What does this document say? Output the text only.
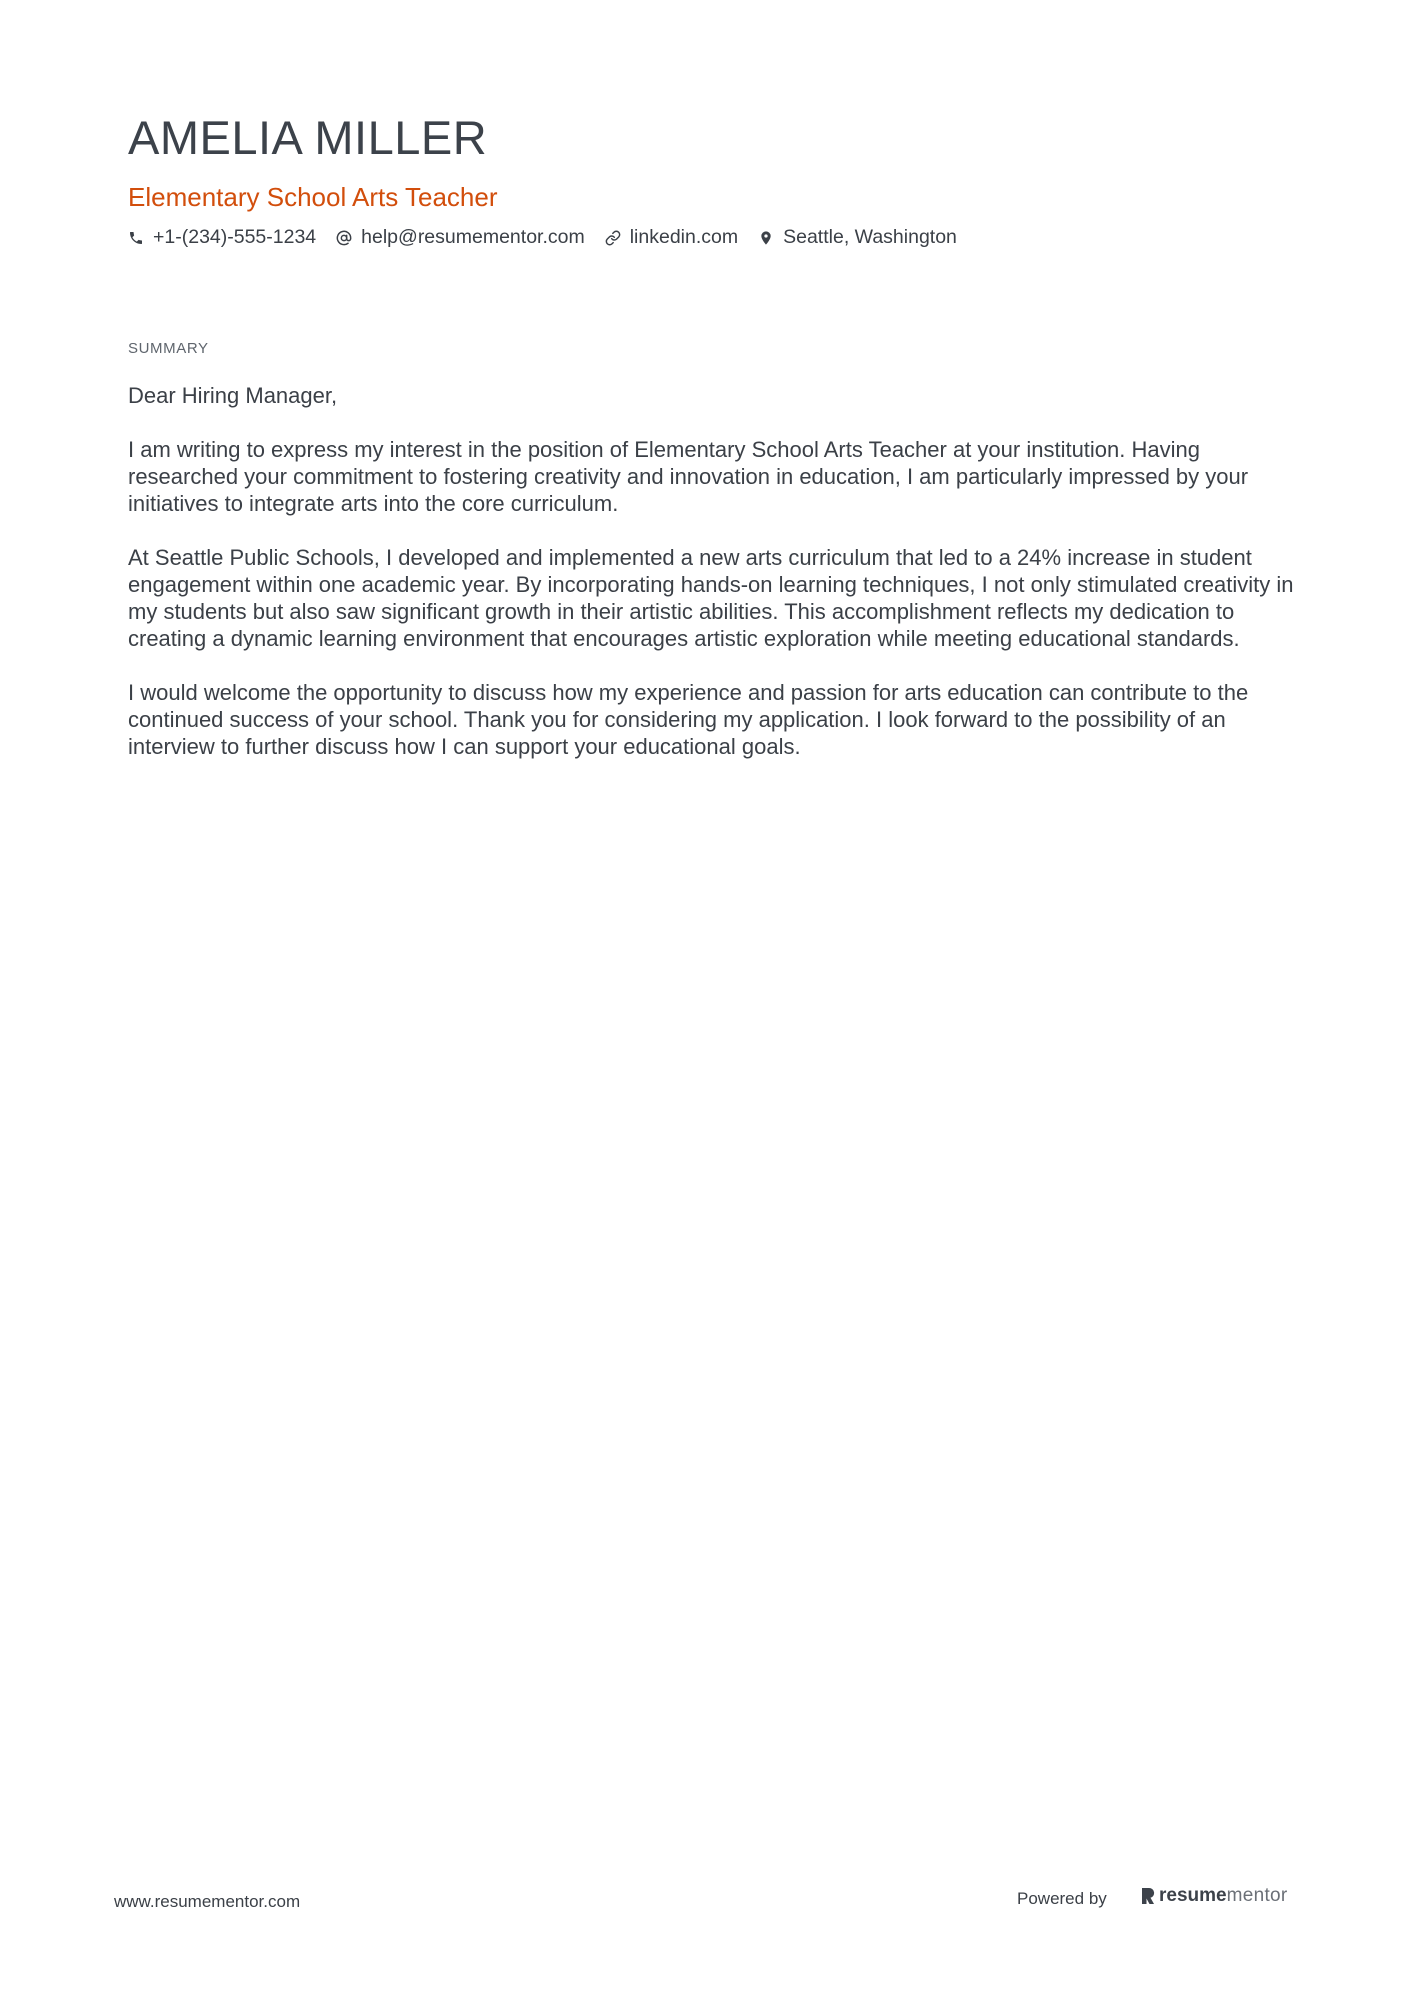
AMELIA MILLER
Elementary School Arts Teacher
+1-(234)-555-1234 help@resumementor.com linkedin.com Seattle, Washington
SUMMARY

Dear Hiring Manager,

I am writing to express my interest in the position of Elementary School Arts Teacher at your institution. Having researched your commitment to fostering creativity and innovation in education, I am particularly impressed by your initiatives to integrate arts into the core curriculum.

At Seattle Public Schools, I developed and implemented a new arts curriculum that led to a 24% increase in student engagement within one academic year. By incorporating hands-on learning techniques, I not only stimulated creativity in my students but also saw significant growth in their artistic abilities. This accomplishment reflects my dedication to creating a dynamic learning environment that encourages artistic exploration while meeting educational standards.

I would welcome the opportunity to discuss how my experience and passion for arts education can contribute to the continued success of your school. Thank you for considering my application. I look forward to the possibility of an interview to further discuss how I can support your educational goals.

www.resumementor.com	Powered by	resume mentor
